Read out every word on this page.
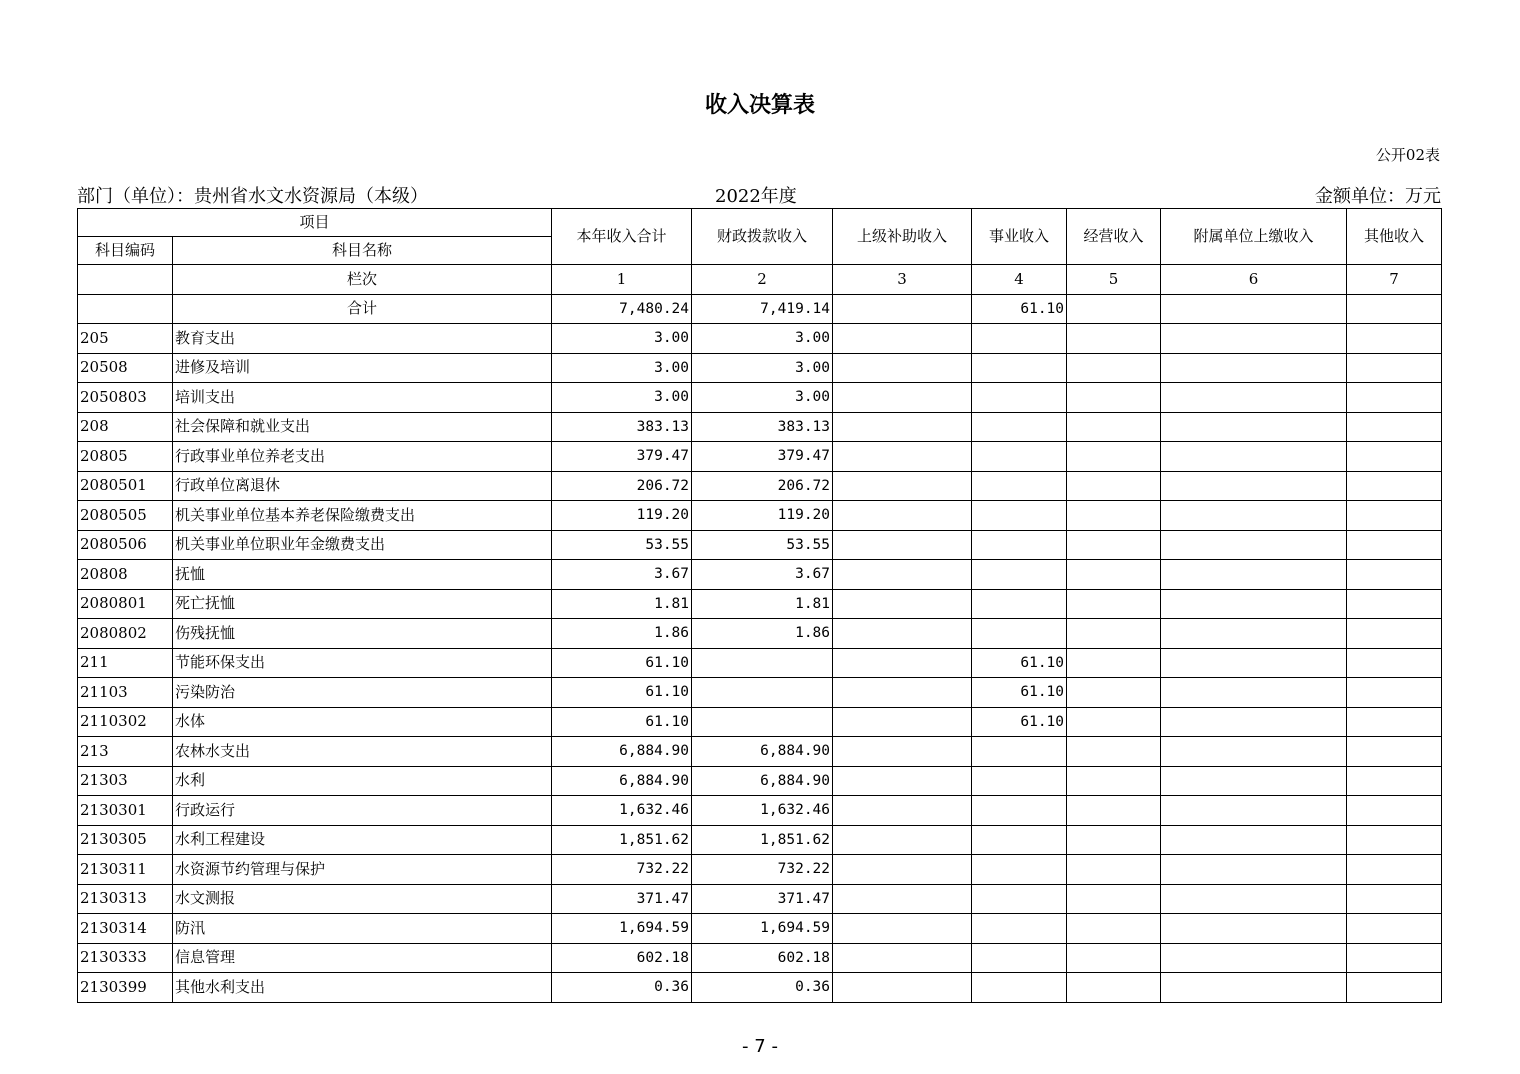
收入决算表
公开02表
部门（单位）：贵州省水文水资源局（本级）	2022年度	金额单位：万元
项目		本年收入合计	财政拨款收入	上级补助收入	事业收入	经营收入	附属单位上缴收入	其他收入
科目编码	科目名称							
	栏次	1	2	3	4	5	6	7
	合计	7,480.24	7,419.14		61.10			
205	教育支出	3.00	3.00					
20508	进修及培训	3.00	3.00					
2050803	培训支出	3.00	3.00					
208	社会保障和就业支出	383.13	383.13					
20805	行政事业单位养老支出	379.47	379.47					
2080501	行政单位离退休	206.72	206.72					
2080505	机关事业单位基本养老保险缴费支出	119.20	119.20					
2080506	机关事业单位职业年金缴费支出	53.55	53.55					
20808	抚恤	3.67	3.67					
2080801	死亡抚恤	1.81	1.81					
2080802	伤残抚恤	1.86	1.86					
211	节能环保支出	61.10			61.10			
21103	污染防治	61.10			61.10			
2110302	水体	61.10			61.10			
213	农林水支出	6,884.90	6,884.90					
21303	水利	6,884.90	6,884.90					
2130301	行政运行	1,632.46	1,632.46					
2130305	水利工程建设	1,851.62	1,851.62					
2130311	水资源节约管理与保护	732.22	732.22					
2130313	水文测报	371.47	371.47					
2130314	防汛	1,694.59	1,694.59					
2130333	信息管理	602.18	602.18					
2130399	其他水利支出	0.36	0.36					
- 7 -
